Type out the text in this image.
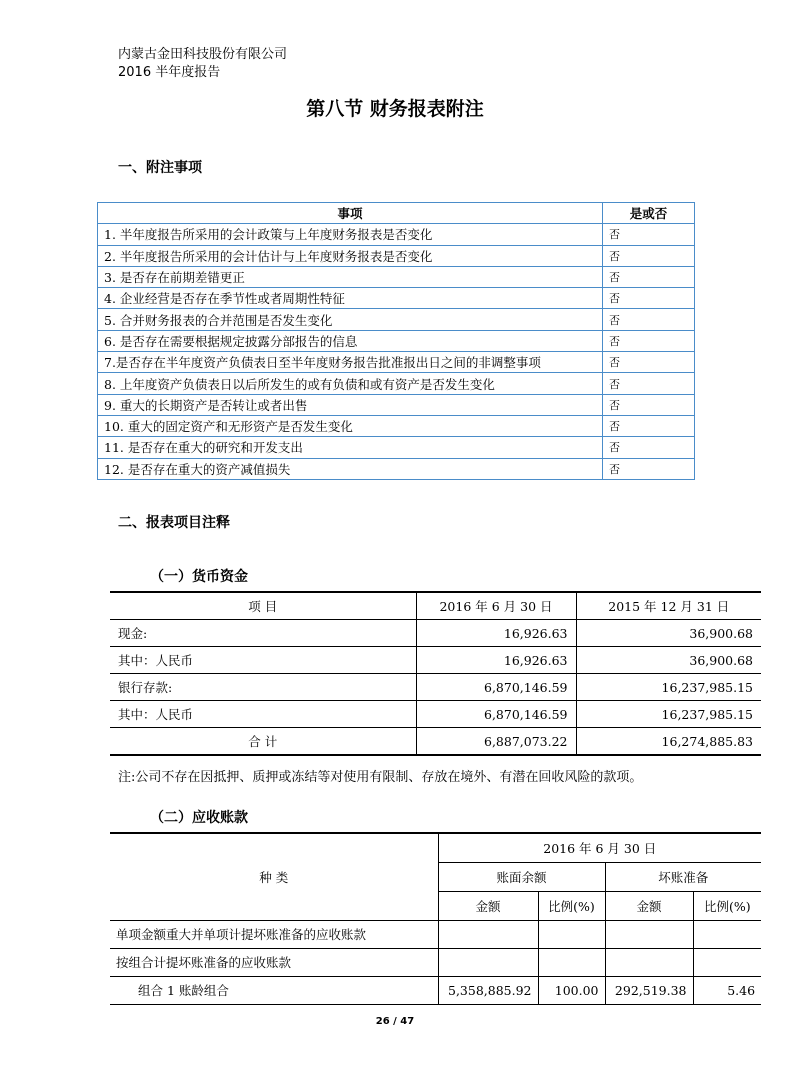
内蒙古金田科技股份有限公司
2016 半年度报告
第八节 财务报表附注
一、附注事项
事项	是或否
1. 半年度报告所采用的会计政策与上年度财务报表是否变化	否
2. 半年度报告所采用的会计估计与上年度财务报表是否变化	否
3. 是否存在前期差错更正	否
4. 企业经营是否存在季节性或者周期性特征	否
5. 合并财务报表的合并范围是否发生变化	否
6. 是否存在需要根据规定披露分部报告的信息	否
7.是否存在半年度资产负债表日至半年度财务报告批准报出日之间的非调整事项	否
8. 上年度资产负债表日以后所发生的或有负债和或有资产是否发生变化	否
9. 重大的长期资产是否转让或者出售	否
10. 重大的固定资产和无形资产是否发生变化	否
11. 是否存在重大的研究和开发支出	否
12. 是否存在重大的资产减值损失	否
二、报表项目注释
（一）货币资金
项 目	2016 年 6 月 30 日	2015 年 12 月 31 日
现金:	16,926.63	36,900.68
其中：人民币	16,926.63	36,900.68
银行存款:	6,870,146.59	16,237,985.15
其中：人民币	6,870,146.59	16,237,985.15
合 计	6,887,073.22	16,274,885.83
注:公司不存在因抵押、质押或冻结等对使用有限制、存放在境外、有潜在回收风险的款项。
（二）应收账款
种 类	2016 年 6 月 30 日			
	账面余额		坏账准备	
	金额	比例(%)	金额	比例(%)
单项金额重大并单项计提坏账准备的应收账款				
按组合计提坏账准备的应收账款				
组合 1 账龄组合	5,358,885.92	100.00	292,519.38	5.46
26 / 47
